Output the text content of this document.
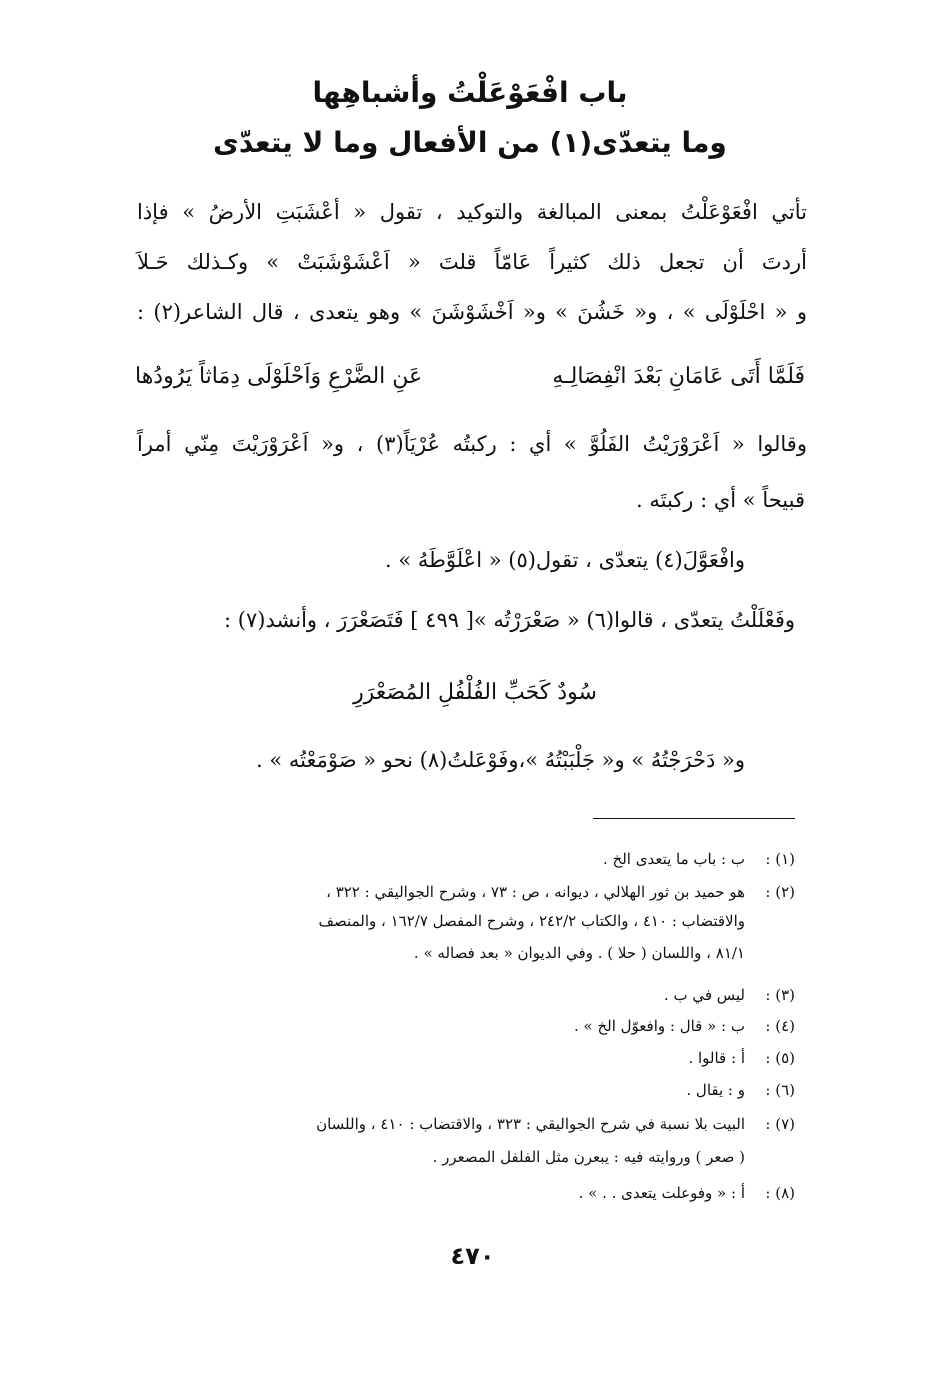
باب افْعَوْعَلْتُ وأشباهِها
وما يتعدّى(١) من الأفعال وما لا يتعدّى
تأتي افْعَوْعَلْتُ بمعنى المبالغة والتوكيد ، تقول « أعْشَبَتِ الأرضُ » فإذا
أردتَ أن تجعل ذلك كثيراً عَامّاً قلتَ « اَعْشَوْشَبَتْ » وكـذلك حَـلاَ
و « احْلَوْلَى » ، و« خَشُنَ » و« اَخْشَوْشَنَ » وهو يتعدى ، قال الشاعر(٢) :
فَلَمَّا أَتَى عَامَانِ بَعْدَ انْفِصَالِـهِ
عَنِ الضَّرْعِ وَاَحْلَوْلَى دِمَاثاً يَرُودُها
وقالوا « اَعْرَوْرَيْتُ الفَلُوَّ » أي : ركبتُه عُرْيَاً(٣) ، و« اَعْرَوْرَيْتَ مِنّي أمراً
قبيحاً » أي : ركبتَه .
وافْعَوَّلَ(٤) يتعدّى ، تقول(٥) « اعْلَوَّطَهُ » .
وفَعْلَلْتُ يتعدّى ، قالوا(٦) « صَعْرَرْتُه »[ ٤٩٩ ] فَتَصَعْرَرَ ، وأنشد(٧) :
سُودٌ كَحَبِّ الفُلْفُلِ المُصَعْرَرِ
و« دَحْرَجْتُهُ » و« جَلْبَبْتُهُ »،وفَوْعَلتُ(٨) نحو « صَوْمَعْتُه » .
(١) :
ب : باب ما يتعدى الخ .
(٢) :
هو حميد بن ثور الهلالي ، ديوانه ، ص : ٧٣ ، وشرح الجواليقي : ٣٢٢ ،
والاقتضاب : ٤١٠ ، والكتاب ٢٤٢/٢ ، وشرح المفصل ١٦٢/٧ ، والمنصف
٨١/١ ، واللسان ( حلا ) . وفي الديوان « بعد فصاله » .
(٣) :
ليس في ب .
(٤) :
ب : « قال : وافعوّل الخ » .
(٥) :
أ : قالوا .
(٦) :
و : يقال .
(٧) :
البيت بلا نسبة في شرح الجواليقي : ٣٢٣ ، والاقتضاب : ٤١٠ ، واللسان
( صعر ) وروايته فيه : يبعرن مثل الفلفل المصعرر .
(٨) :
أ : « وفوعلت يتعدى . . » .
٤٧٠
